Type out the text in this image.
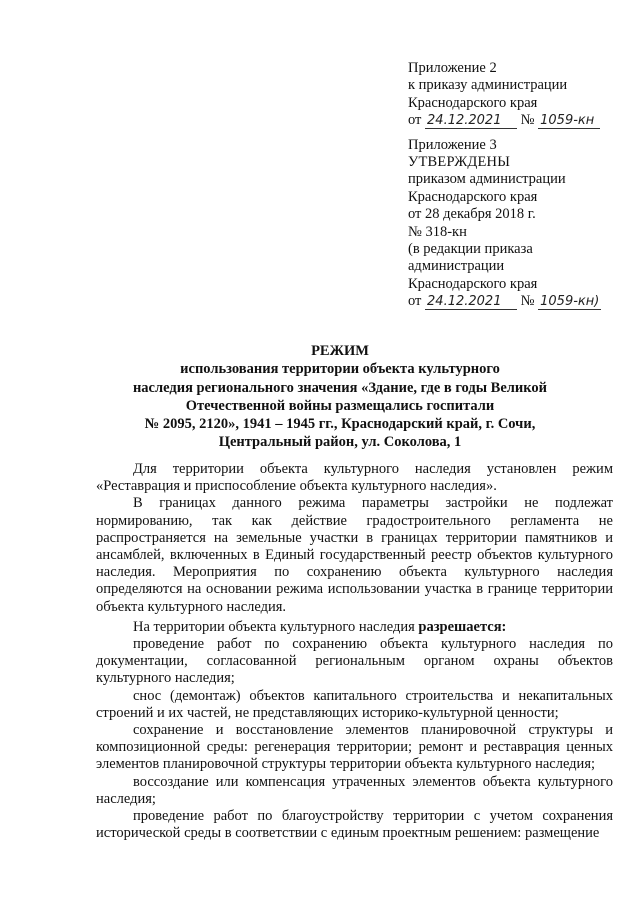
Приложение 2
к приказу администрации
Краснодарского края
от 24.12.2021 № 1059-кн
Приложение 3
УТВЕРЖДЕНЫ
приказом администрации
Краснодарского края
от 28 декабря 2018 г.
№ 318-кн
(в редакции приказа
администрации
Краснодарского края
от 24.12.2021 № 1059-кн)
РЕЖИМ
использования территории объекта культурного
наследия регионального значения «Здание, где в годы Великой
Отечественной войны размещались госпитали
№ 2095, 2120», 1941 – 1945 гг., Краснодарский край, г. Сочи,
Центральный район, ул. Соколова, 1

Для территории объекта культурного наследия установлен режим «Реставрация и приспособление объекта культурного наследия».

В границах данного режима параметры застройки не подлежат нормированию, так как действие градостроительного регламента не распространяется на земельные участки в границах территории памятников и ансамблей, включенных в Единый государственный реестр объектов культурного наследия. Мероприятия по сохранению объекта культурного наследия определяются на основании режима использовании участка в границе территории объекта культурного наследия.

На территории объекта культурного наследия разрешается:

проведение работ по сохранению объекта культурного наследия по документации, согласованной региональным органом охраны объектов культурного наследия;

снос (демонтаж) объектов капитального строительства и некапитальных строений и их частей, не представляющих историко-культурной ценности;

сохранение и восстановление элементов планировочной структуры и композиционной среды: регенерация территории; ремонт и реставрация ценных элементов планировочной структуры территории объекта культурного наследия;

воссоздание или компенсация утраченных элементов объекта культурного наследия;

проведение работ по благоустройству территории с учетом сохранения исторической среды в соответствии с единым проектным решением: размещение
